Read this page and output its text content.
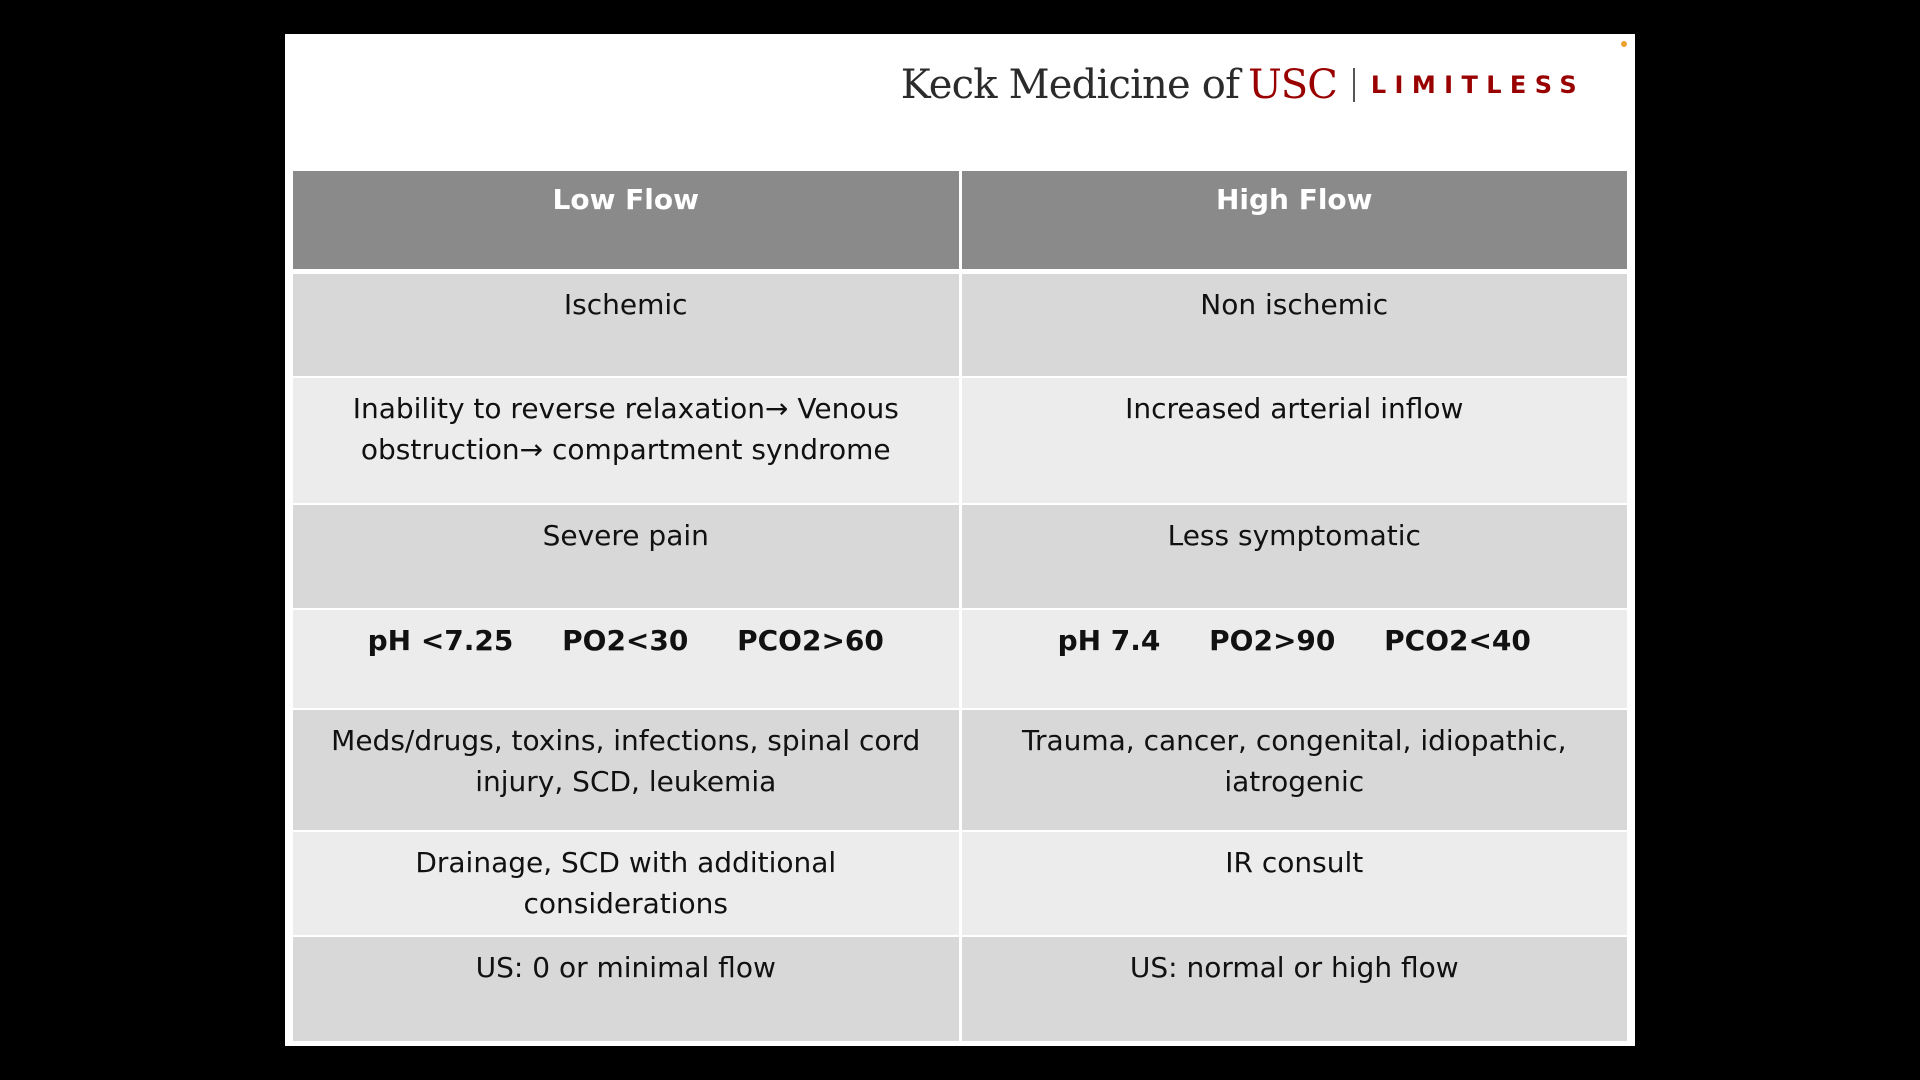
Keck Medicine of USC LIMITLESS
Low Flow	High Flow
Ischemic	Non ischemic
Inability to reverse relaxation→ Venous obstruction→ compartment syndrome	Increased arterial inflow
Severe pain	Less symptomatic
pH <7.25     PO2<30     PCO2>60	pH 7.4     PO2>90     PCO2<40
Meds/drugs, toxins, infections, spinal cord injury, SCD, leukemia	Trauma, cancer, congenital, idiopathic, iatrogenic
Drainage, SCD with additional considerations	IR consult
US: 0 or minimal flow	US: normal or high flow
